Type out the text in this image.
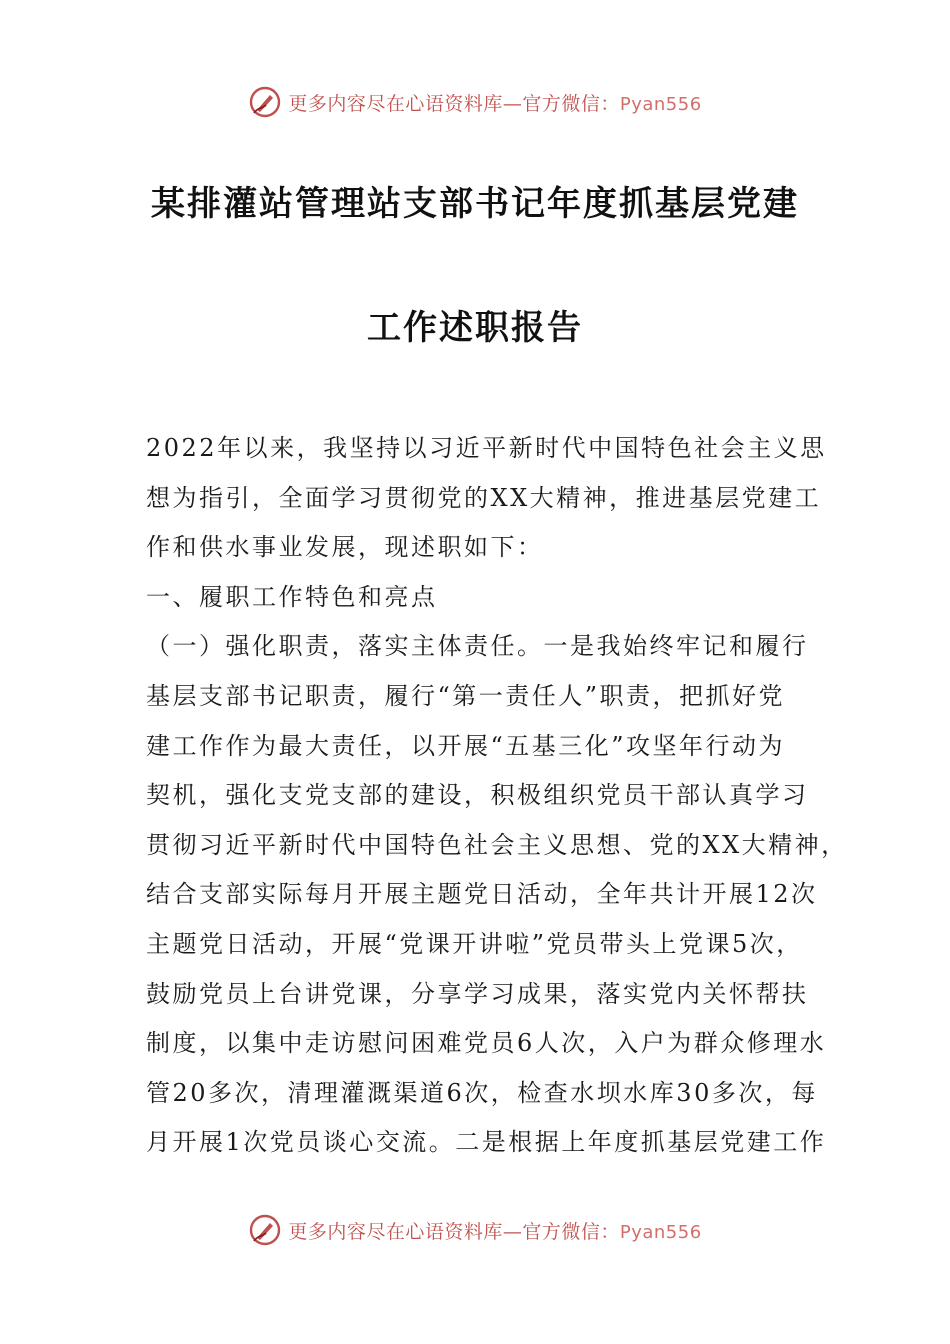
更多内容尽在心语资料库—官方微信：Pyan556
某排灌站管理站支部书记年度抓基层党建
工作述职报告
2022年以来，我坚持以习近平新时代中国特色社会主义思
想为指引，全面学习贯彻党的XX大精神，推进基层党建工
作和供水事业发展，现述职如下：
一、履职工作特色和亮点
（一）强化职责，落实主体责任。一是我始终牢记和履行
基层支部书记职责，履行“第一责任人”职责，把抓好党
建工作作为最大责任，以开展“五基三化”攻坚年行动为
契机，强化支党支部的建设，积极组织党员干部认真学习
贯彻习近平新时代中国特色社会主义思想、党的XX大精神，
结合支部实际每月开展主题党日活动，全年共计开展12次
主题党日活动，开展“党课开讲啦”党员带头上党课5次，
鼓励党员上台讲党课，分享学习成果，落实党内关怀帮扶
制度，以集中走访慰问困难党员6人次，入户为群众修理水
管20多次，清理灌溉渠道6次，检查水坝水库30多次，每
月开展1次党员谈心交流。二是根据上年度抓基层党建工作
更多内容尽在心语资料库—官方微信：Pyan556
